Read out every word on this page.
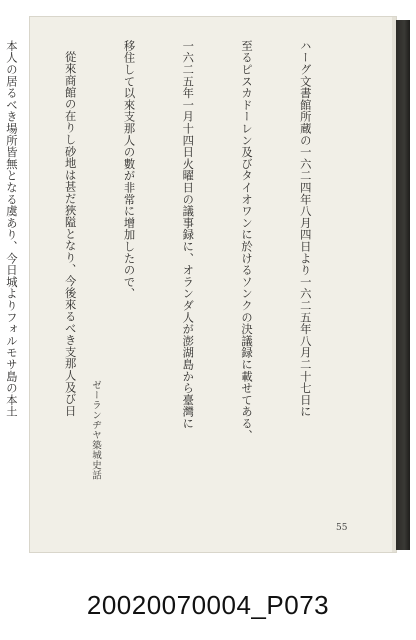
ハーグ文書館所蔵の一六二四年八月四日より一六二五年八月二十七日に

至るピスカドーレン及びタイオワンに於けるソンクの決議録に載せてある、

一六二五年一月十四日火曜日の議事録に、オランダ人が澎湖島から臺灣に

移住して以來支那人の數が非常に增加したので、

從來商館の在りし砂地は甚だ狹隘となり、今後來るべき支那人及び日

本人の居るべき場所皆無となる虞あり、今日城よりフォルモサ島の本土

ゼーランヂヤ築城史話
55
20020070004_P073
